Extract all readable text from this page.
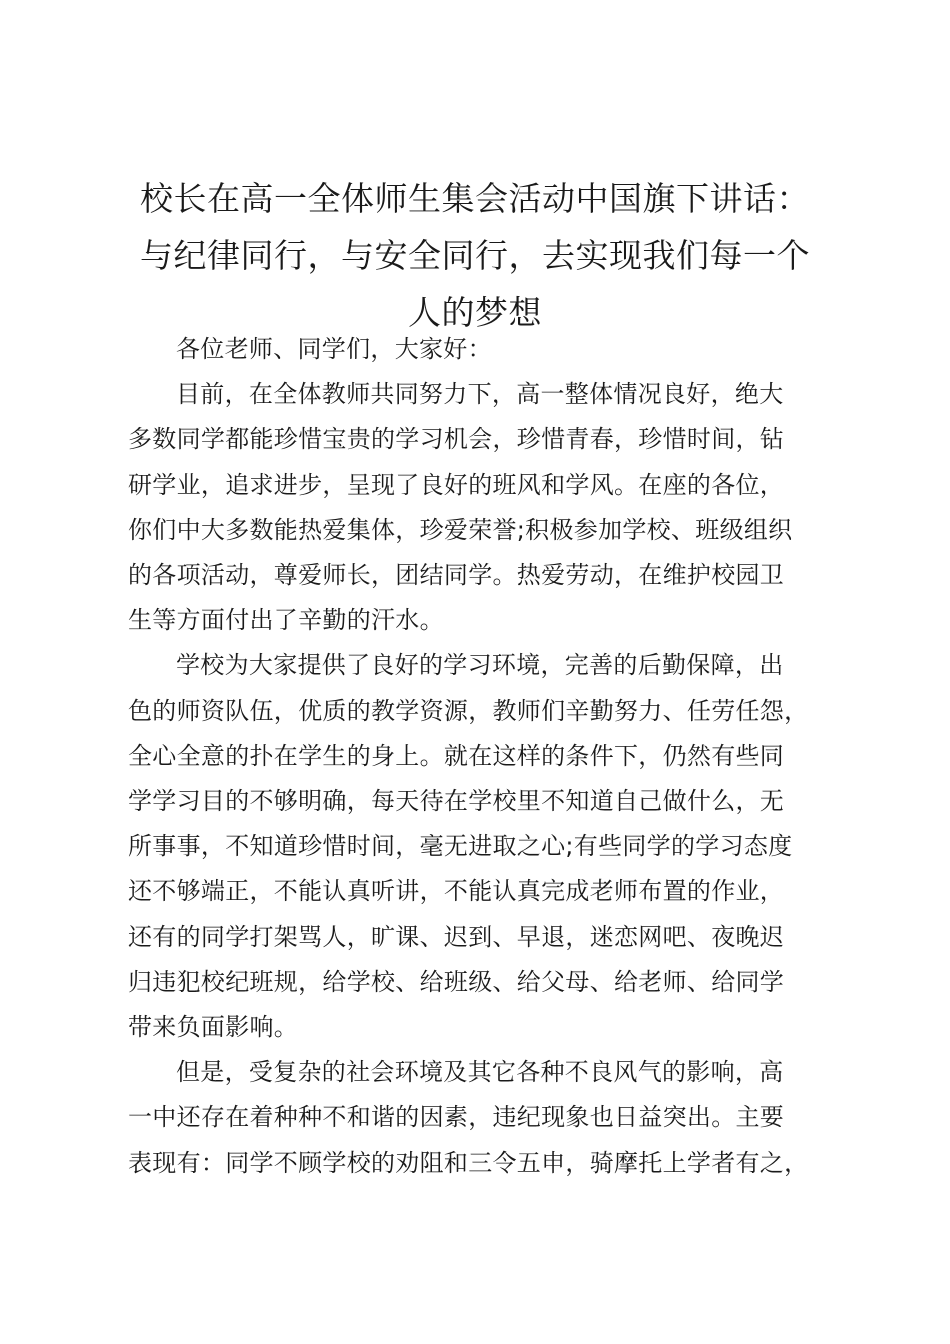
校长在高一全体师生集会活动中国旗下讲话：
与纪律同行，与安全同行，去实现我们每一个
人的梦想
各位老师、同学们，大家好：
目前，在全体教师共同努力下，高一整体情况良好，绝大
多数同学都能珍惜宝贵的学习机会，珍惜青春，珍惜时间，钻
研学业，追求进步，呈现了良好的班风和学风。在座的各位，
你们中大多数能热爱集体，珍爱荣誉;积极参加学校、班级组织
的各项活动，尊爱师长，团结同学。热爱劳动，在维护校园卫
生等方面付出了辛勤的汗水。
学校为大家提供了良好的学习环境，完善的后勤保障，出
色的师资队伍，优质的教学资源，教师们辛勤努力、任劳任怨，
全心全意的扑在学生的身上。就在这样的条件下，仍然有些同
学学习目的不够明确，每天待在学校里不知道自己做什么，无
所事事，不知道珍惜时间，毫无进取之心;有些同学的学习态度
还不够端正，不能认真听讲，不能认真完成老师布置的作业，
还有的同学打架骂人，旷课、迟到、早退，迷恋网吧、夜晚迟
归违犯校纪班规，给学校、给班级、给父母、给老师、给同学
带来负面影响。
但是，受复杂的社会环境及其它各种不良风气的影响，高
一中还存在着种种不和谐的因素，违纪现象也日益突出。主要
表现有：同学不顾学校的劝阻和三令五申，骑摩托上学者有之，
